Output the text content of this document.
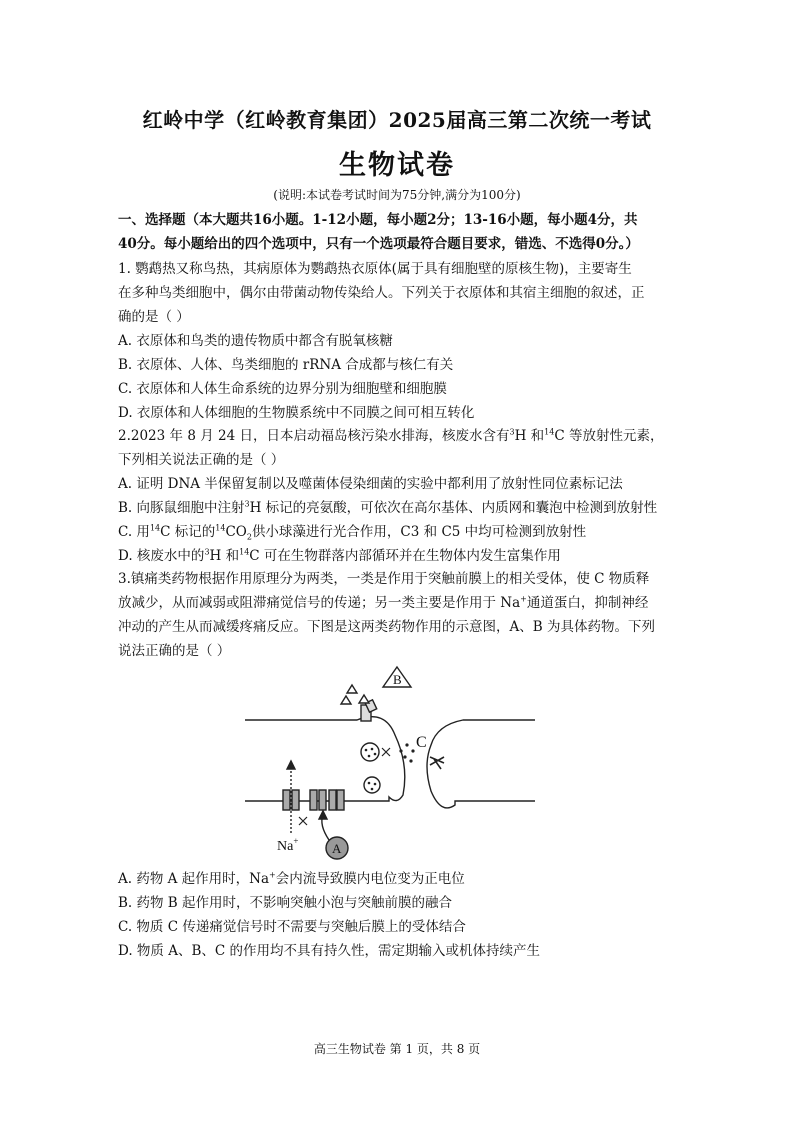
红岭中学（红岭教育集团）2025届高三第二次统一考试
生物试卷
(说明:本试卷考试时间为75分钟,满分为100分)
一、选择题（本大题共16小题。1-12小题，每小题2分；13-16小题，每小题4分，共
40分。每小题给出的四个选项中，只有一个选项最符合题目要求，错选、不选得0分。）
1. 鹦鹉热又称鸟热，其病原体为鹦鹉热衣原体(属于具有细胞壁的原核生物)，主要寄生
在多种鸟类细胞中，偶尔由带菌动物传染给人。下列关于衣原体和其宿主细胞的叙述，正
确的是（ ）
A. 衣原体和鸟类的遗传物质中都含有脱氧核糖
B. 衣原体、人体、鸟类细胞的 rRNA 合成都与核仁有关
C. 衣原体和人体生命系统的边界分别为细胞壁和细胞膜
D. 衣原体和人体细胞的生物膜系统中不同膜之间可相互转化
2.2023 年 8 月 24 日，日本启动福岛核污染水排海，核废水含有$^3$H 和$^{14}$C 等放射性元素，
下列相关说法正确的是（ ）
A. 证明 DNA 半保留复制以及噬菌体侵染细菌的实验中都利用了放射性同位素标记法
B. 向豚鼠细胞中注射$^3$H 标记的亮氨酸，可依次在高尔基体、内质网和囊泡中检测到放射性
C. 用$^{14}$C 标记的$^{14}CO_2$供小球藻进行光合作用，C3 和 C5 中均可检测到放射性
D. 核废水中的$^3$H 和$^{14}$C 可在生物群落内部循环并在生物体内发生富集作用
3.镇痛类药物根据作用原理分为两类，一类是作用于突触前膜上的相关受体，使 C 物质释
放减少，从而减弱或阻滞痛觉信号的传递；另一类主要是作用于 Na+通道蛋白，抑制神经
冲动的产生从而减缓疼痛反应。下图是这两类药物作用的示意图，A、B 为具体药物。下列
说法正确的是（ ）
B
C
Na+	A
A. 药物 A 起作用时，Na+会内流导致膜内电位变为正电位
B. 药物 B 起作用时，不影响突触小泡与突触前膜的融合
C. 物质 C 传递痛觉信号时不需要与突触后膜上的受体结合
D. 物质 A、B、C 的作用均不具有持久性，需定期输入或机体持续产生
高三生物试卷 第 1 页，共 8 页
